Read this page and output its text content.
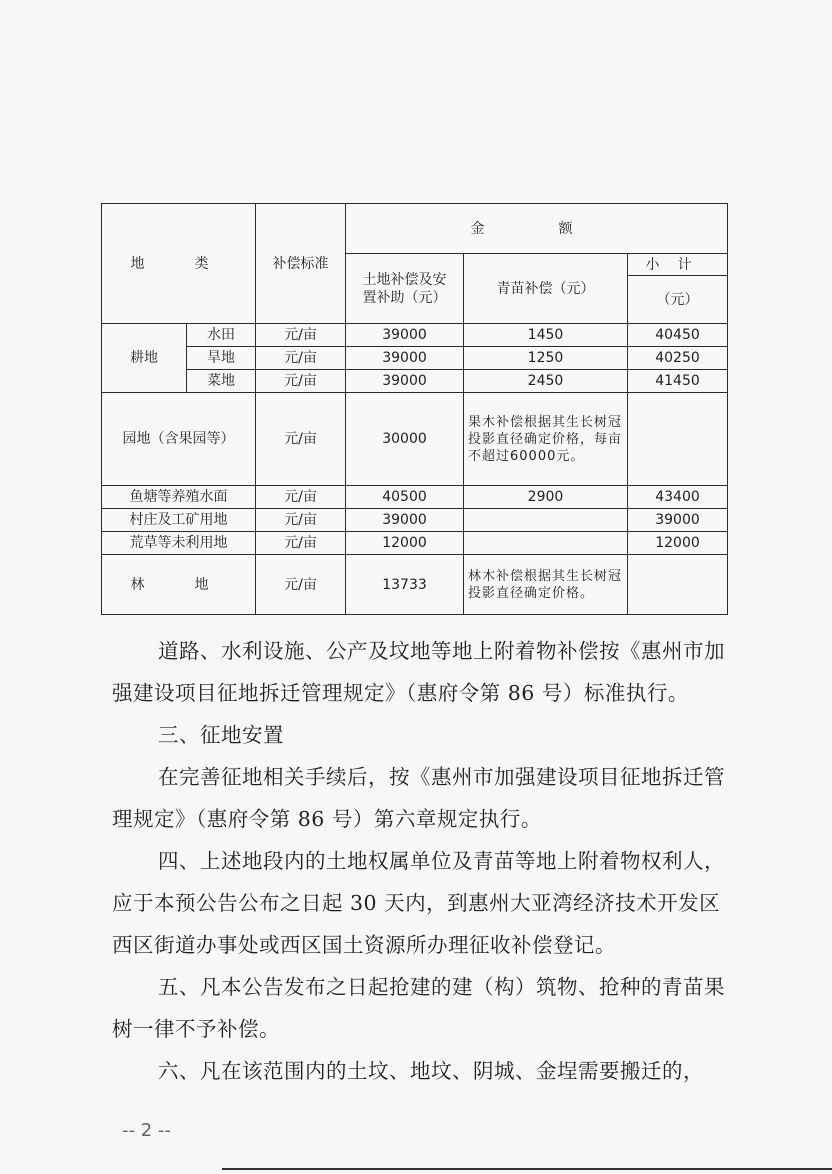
地　类		补偿标准	金　额		
			土地补偿及安置补助（元）	青苗补偿（元）	小计
					（元）
耕地	水田	元/亩	39000	1450	40450
	旱地	元/亩	39000	1250	40250
	菜地	元/亩	39000	2450	41450
园地（含果园等）		元/亩	30000	果木补偿根据其生长树冠投影直径确定价格，每亩不超过60000元。	
鱼塘等养殖水面		元/亩	40500	2900	43400
村庄及工矿用地		元/亩	39000		39000
荒草等未利用地		元/亩	12000		12000
林　地		元/亩	13733	林木补偿根据其生长树冠投影直径确定价格。	

道路、水利设施、公产及坟地等地上附着物补偿按《惠州市加强建设项目征地拆迁管理规定》（惠府令第 86 号）标准执行。

三、征地安置

在完善征地相关手续后，按《惠州市加强建设项目征地拆迁管理规定》（惠府令第 86 号）第六章规定执行。

四、上述地段内的土地权属单位及青苗等地上附着物权利人，应于本预公告公布之日起 30 天内，到惠州大亚湾经济技术开发区西区街道办事处或西区国土资源所办理征收补偿登记。

五、凡本公告发布之日起抢建的建（构）筑物、抢种的青苗果树一律不予补偿。

六、凡在该范围内的土坟、地坟、阴城、金埕需要搬迁的，

-- 2 --
